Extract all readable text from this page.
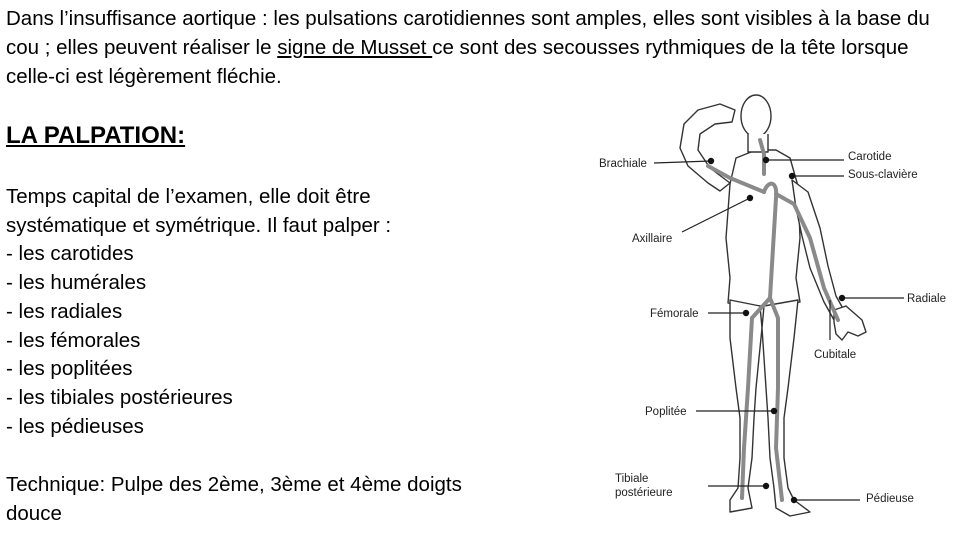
Dans l’insuffisance aortique : les pulsations carotidiennes sont amples, elles sont visibles à la base du cou ; elles peuvent réaliser le signe de Musset ce sont des secousses rythmiques de la tête lorsque celle-ci est légèrement fléchie.
LA PALPATION:
Temps capital de l’examen, elle doit être
systématique et symétrique. Il faut palper :
- les carotides
- les humérales
- les radiales
- les fémorales
- les poplitées
- les tibiales postérieures
- les pédieuses
Technique: Pulpe des 2ème, 3ème et 4ème doigts douce
Brachiale
Carotide
Sous-clavière
Axillaire
Radiale
Fémorale
Cubitale
Poplitée
Tibiale
postérieure	Pédieuse
